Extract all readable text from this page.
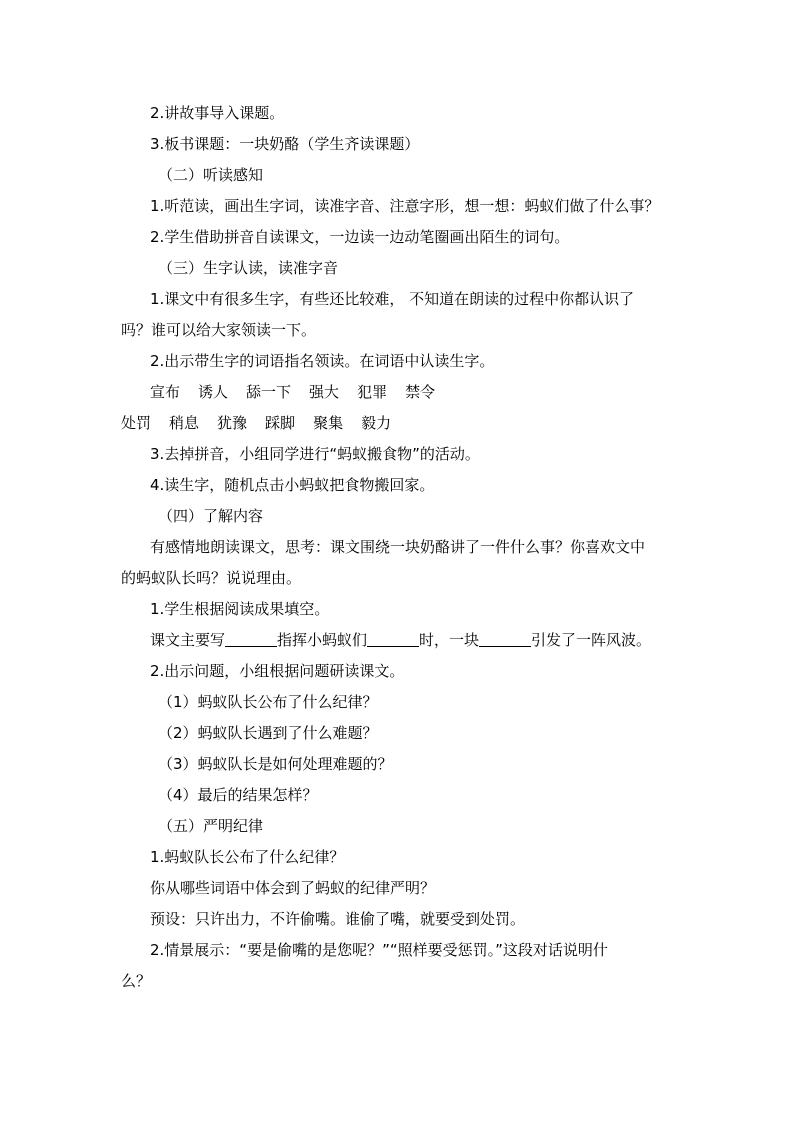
2.讲故事导入课题。
3.板书课题：一块奶酪（学生齐读课题）
（二）听读感知
1.听范读，画出生字词，读准字音、注意字形，想一想：蚂蚁们做了什么事？
2.学生借助拼音自读课文，一边读一边动笔圈画出陌生的词句。
（三）生字认读，读准字音
1.课文中有很多生字，有些还比较难， 不知道在朗读的过程中你都认识了
吗？谁可以给大家领读一下。
2.出示带生字的词语指名领读。在词语中认读生字。
宣布 诱人 舔一下 强大 犯罪 禁令
处罚 稍息 犹豫 踩脚 聚集 毅力
3.去掉拼音，小组同学进行“蚂蚁搬食物”的活动。
4.读生字，随机点击小蚂蚁把食物搬回家。
（四）了解内容
有感情地朗读课文，思考：课文围绕一块奶酪讲了一件什么事？你喜欢文中
的蚂蚁队长吗？说说理由。
1.学生根据阅读成果填空。
课文主要写	指挥小蚂蚁们	时，一块	引发了一阵风波。
2.出示问题，小组根据问题研读课文。
（1）蚂蚁队长公布了什么纪律？
（2）蚂蚁队长遇到了什么难题？
（3）蚂蚁队长是如何处理难题的？
（4）最后的结果怎样？
（五）严明纪律
1.蚂蚁队长公布了什么纪律？
你从哪些词语中体会到了蚂蚁的纪律严明？
预设：只许出力，不许偷嘴。谁偷了嘴，就要受到处罚。
2.情景展示：“要是偷嘴的是您呢？”“照样要受惩罚。”这段对话说明什
么？
